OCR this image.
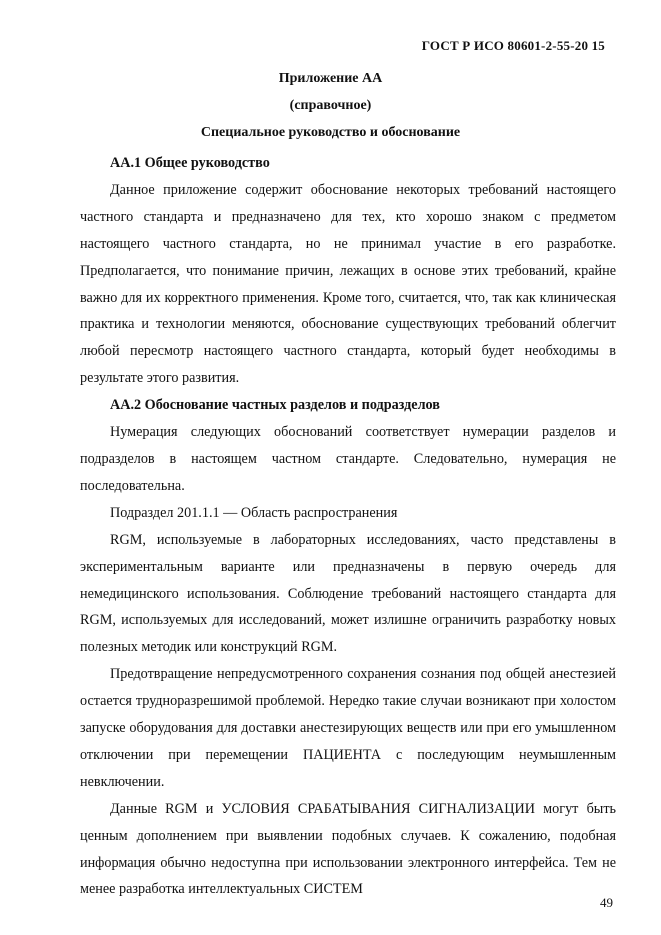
ГОСТ Р ИСО 80601-2-55-20 15
Приложение АА
(справочное)
Специальное руководство и обоснование

АА.1 Общее руководство

Данное приложение содержит обоснование некоторых требований настоящего частного стандарта и предназначено для тех, кто хорошо знаком с предметом настоящего частного стандарта, но не принимал участие в его разработке. Предполагается, что понимание причин, лежащих в основе этих требований, крайне важно для их корректного применения. Кроме того, считается, что, так как клиническая практика и технологии меняются, обоснование существующих требований облегчит любой пересмотр настоящего частного стандарта, который будет необходимы в результате этого развития.

АА.2 Обоснование частных разделов и подразделов

Нумерация следующих обоснований соответствует нумерации разделов и подразделов в настоящем частном стандарте. Следовательно, нумерация не последовательна.

Подраздел 201.1.1 — Область распространения

RGM, используемые в лабораторных исследованиях, часто представлены в экспериментальным варианте или предназначены в первую очередь для немедицинского использования. Соблюдение требований настоящего стандарта для RGM, используемых для исследований, может излишне ограничить разработку новых полезных методик или конструкций RGM.

Предотвращение непредусмотренного сохранения сознания под общей анестезией остается трудноразрешимой проблемой. Нередко такие случаи возникают при холостом запуске оборудования для доставки анестезирующих веществ или при его умышленном отключении при перемещении ПАЦИЕНТА с последующим неумышленным невключении.

Данные RGM и УСЛОВИЯ СРАБАТЫВАНИЯ СИГНАЛИЗАЦИИ могут быть ценным дополнением при выявлении подобных случаев. К сожалению, подобная информация обычно недоступна при использовании электронного интерфейса. Тем не менее разработка интеллектуальных СИСТЕМ

49
